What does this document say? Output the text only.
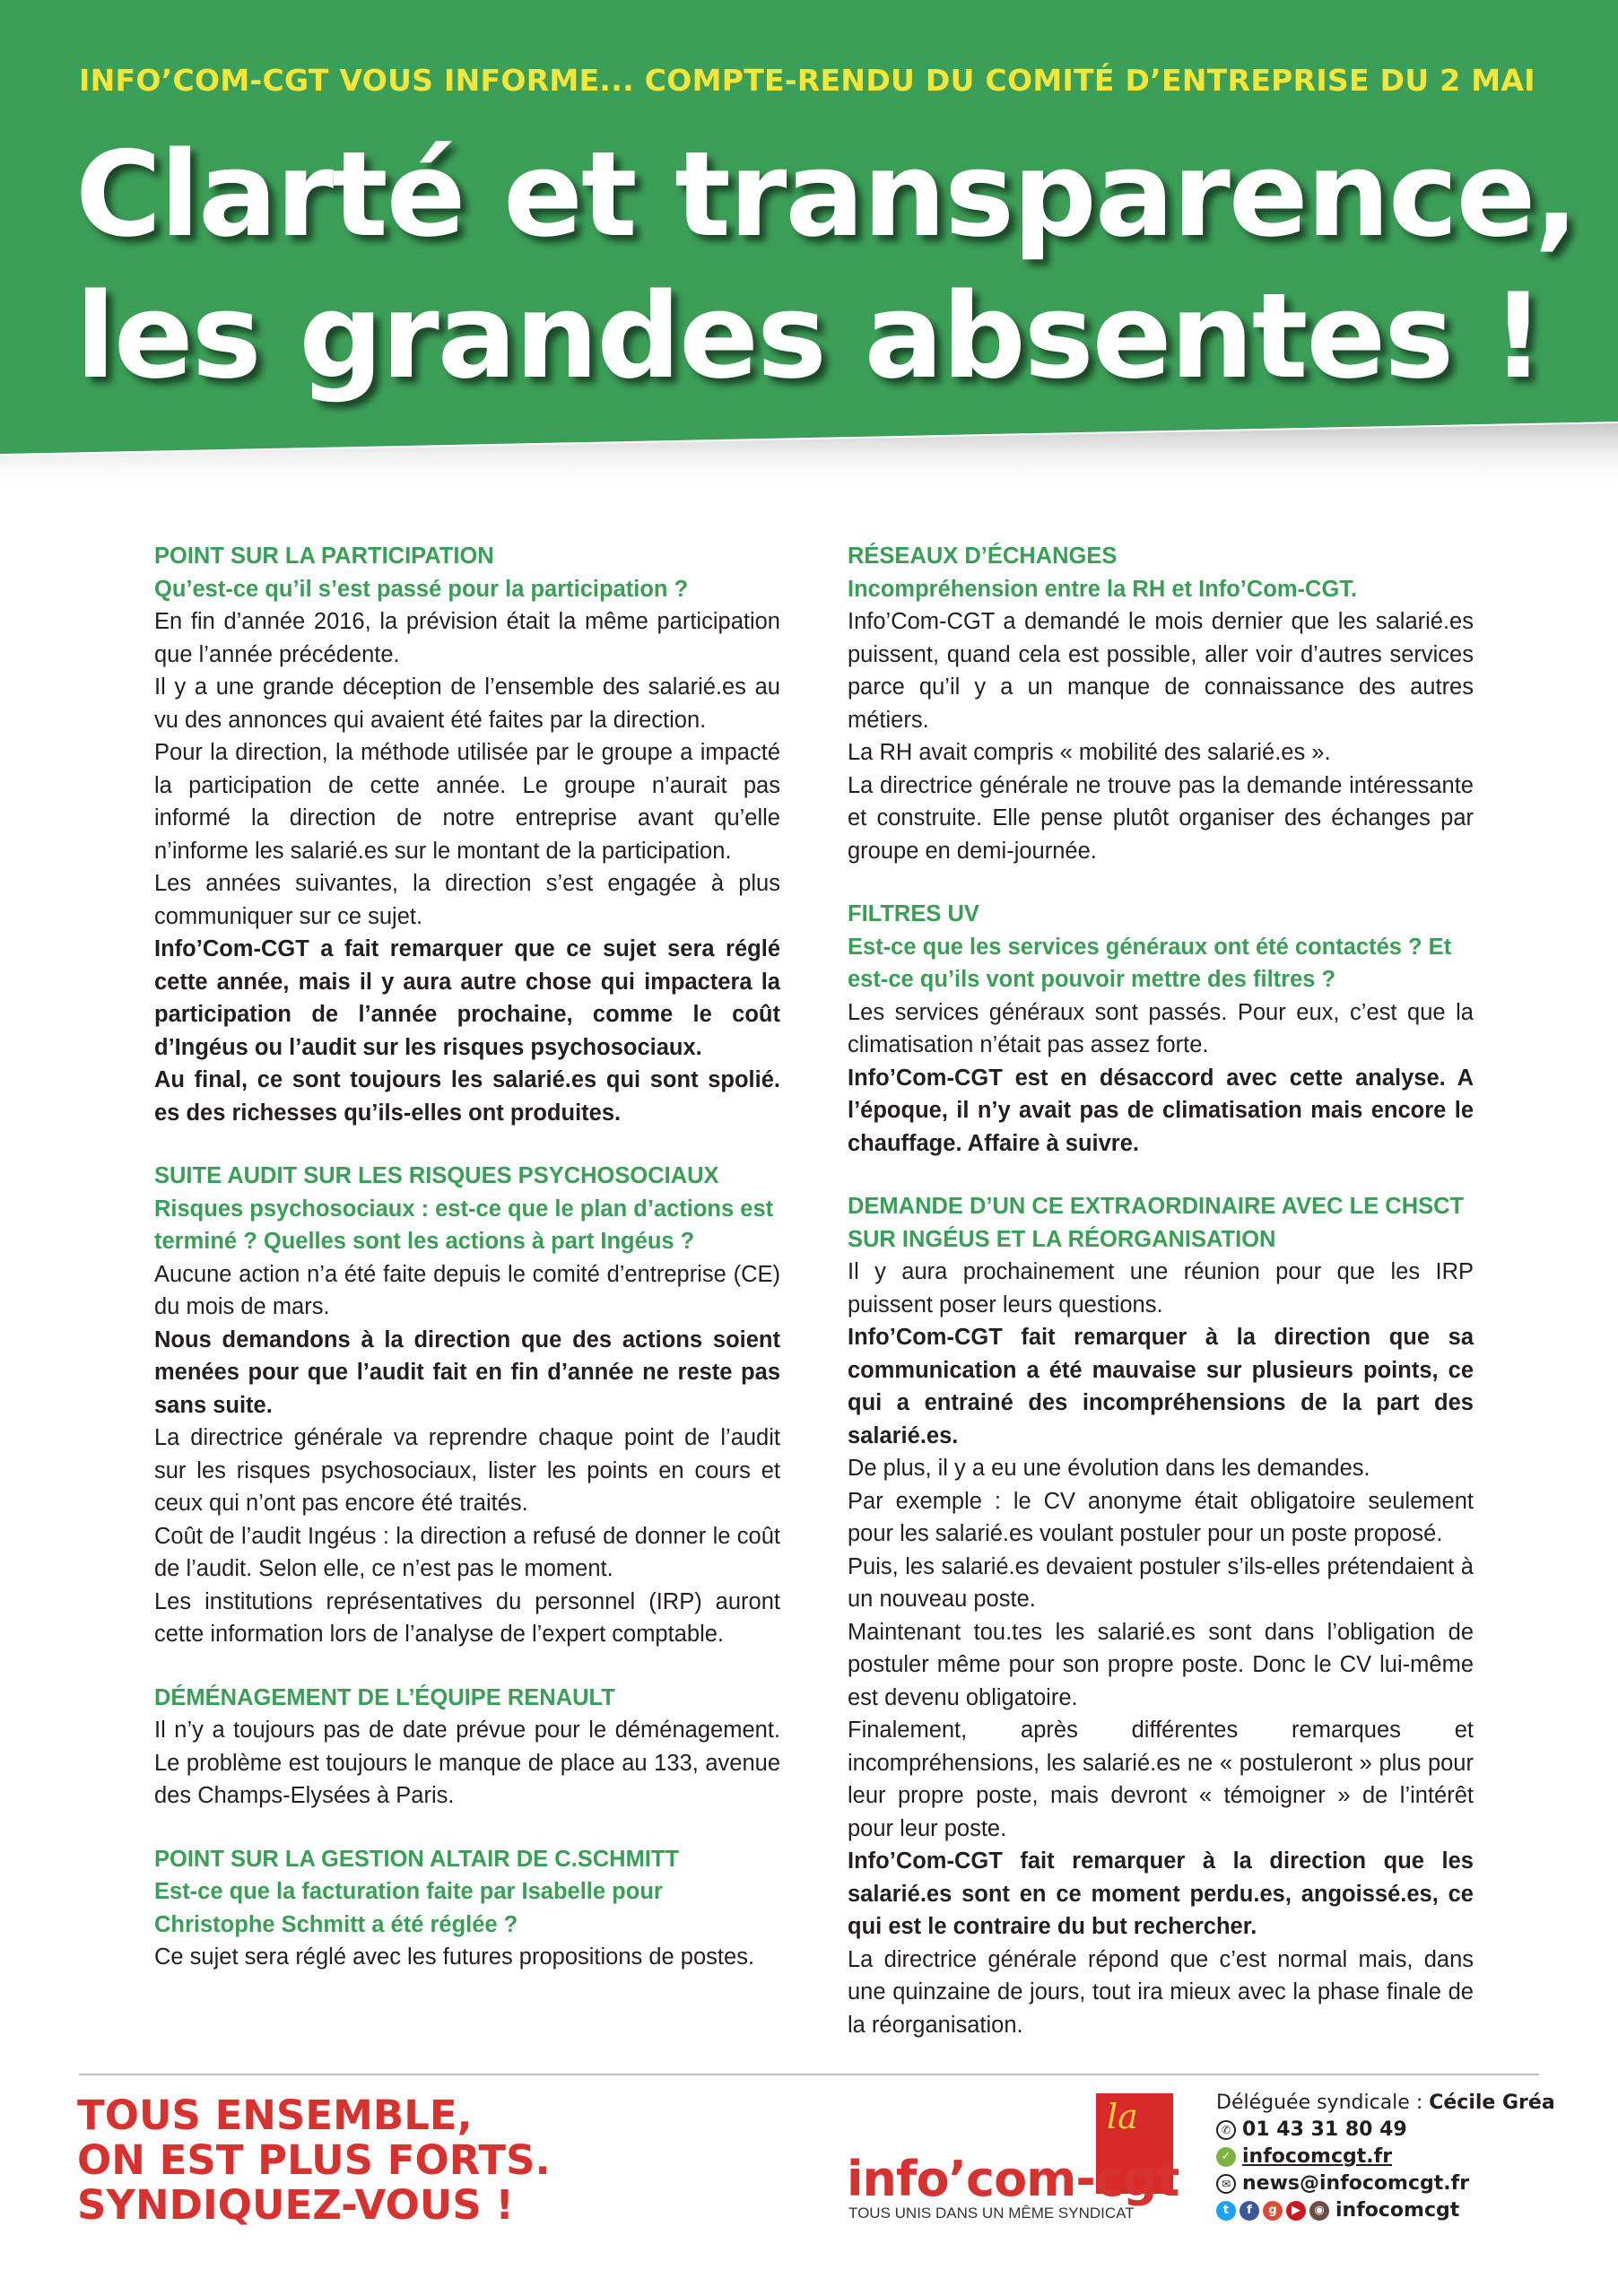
INFO’COM-CGT VOUS INFORME... COMPTE-RENDU DU COMITÉ D’ENTREPRISE DU 2 MAI
Clarté et transparence,
les grandes absentes !
POINT SUR LA PARTICIPATION
Qu’est-ce qu’il s’est passé pour la participation ?
En fin d’année 2016, la prévision était la même participation que l’année précédente.
Il y a une grande déception de l’ensemble des salarié.es au vu des annonces qui avaient été faites par la direction.
Pour la direction, la méthode utilisée par le groupe a impacté la participation de cette année. Le groupe n’aurait pas informé la direction de notre entreprise avant qu’elle n’informe les salarié.es sur le montant de la participation.
Les années suivantes, la direction s’est engagée à plus communiquer sur ce sujet.
Info’Com-CGT a fait remarquer que ce sujet sera réglé cette année, mais il y aura autre chose qui impactera la participation de l’année prochaine, comme le coût d’Ingéus ou l’audit sur les risques psychosociaux.
Au final, ce sont toujours les salarié.es qui sont spolié. es des richesses qu’ils-elles ont produites.
SUITE AUDIT SUR LES RISQUES PSYCHOSOCIAUX
Risques psychosociaux : est-ce que le plan d’actions est terminé ? Quelles sont les actions à part Ingéus ?
Aucune action n’a été faite depuis le comité d’entreprise (CE) du mois de mars.
Nous demandons à la direction que des actions soient menées pour que l’audit fait en fin d’année ne reste pas sans suite.
La directrice générale va reprendre chaque point de l’audit sur les risques psychosociaux, lister les points en cours et ceux qui n’ont pas encore été traités.
Coût de l’audit Ingéus : la direction a refusé de donner le coût de l’audit. Selon elle, ce n’est pas le moment.
Les institutions représentatives du personnel (IRP) auront cette information lors de l’analyse de l’expert comptable.
DÉMÉNAGEMENT DE L’ÉQUIPE RENAULT
Il n’y a toujours pas de date prévue pour le déménagement. Le problème est toujours le manque de place au 133, avenue des Champs-Elysées à Paris.
POINT SUR LA GESTION ALTAIR DE C.SCHMITT
Est-ce que la facturation faite par Isabelle pour Christophe Schmitt a été réglée ?
Ce sujet sera réglé avec les futures propositions de postes.
RÉSEAUX D’ÉCHANGES
Incompréhension entre la RH et Info’Com-CGT.
Info’Com-CGT a demandé le mois dernier que les salarié.es puissent, quand cela est possible, aller voir d’autres services parce qu’il y a un manque de connaissance des autres métiers.
La RH avait compris « mobilité des salarié.es ».
La directrice générale ne trouve pas la demande intéressante et construite. Elle pense plutôt organiser des échanges par groupe en demi-journée.
FILTRES UV
Est-ce que les services généraux ont été contactés ? Et est-ce qu’ils vont pouvoir mettre des filtres ?
Les services généraux sont passés. Pour eux, c’est que la climatisation n’était pas assez forte.
Info’Com-CGT est en désaccord avec cette analyse. A l’époque, il n’y avait pas de climatisation mais encore le chauffage. Affaire à suivre.
DEMANDE D’UN CE EXTRAORDINAIRE AVEC LE CHSCT SUR INGÉUS ET LA RÉORGANISATION
Il y aura prochainement une réunion pour que les IRP puissent poser leurs questions.
Info’Com-CGT fait remarquer à la direction que sa communication a été mauvaise sur plusieurs points, ce qui a entrainé des incompréhensions de la part des salarié.es.
De plus, il y a eu une évolution dans les demandes.
Par exemple : le CV anonyme était obligatoire seulement pour les salarié.es voulant postuler pour un poste proposé.
Puis, les salarié.es devaient postuler s’ils-elles prétendaient à un nouveau poste.
Maintenant tou.tes les salarié.es sont dans l’obligation de postuler même pour son propre poste. Donc le CV lui-même est devenu obligatoire.
Finalement, après différentes remarques et incompréhensions, les salarié.es ne « postuleront » plus pour leur propre poste, mais devront « témoigner » de l’intérêt pour leur poste.
Info’Com-CGT fait remarquer à la direction que les salarié.es sont en ce moment perdu.es, angoissé.es, ce qui est le contraire du but rechercher.
La directrice générale répond que c’est normal mais, dans une quinzaine de jours, tout ira mieux avec la phase finale de la réorganisation.
TOUS ENSEMBLE,
ON EST PLUS FORTS.
SYNDIQUEZ-VOUS !
la
info’com-cgt
TOUS UNIS DANS UN MÊME SYNDICAT
Déléguée syndicale : Cécile Gréa
✆ 01 43 31 80 49
✓ infocomcgt.fr
✉ news@infocomcgt.fr
t	f	g	▶	◉ infocomcgt
